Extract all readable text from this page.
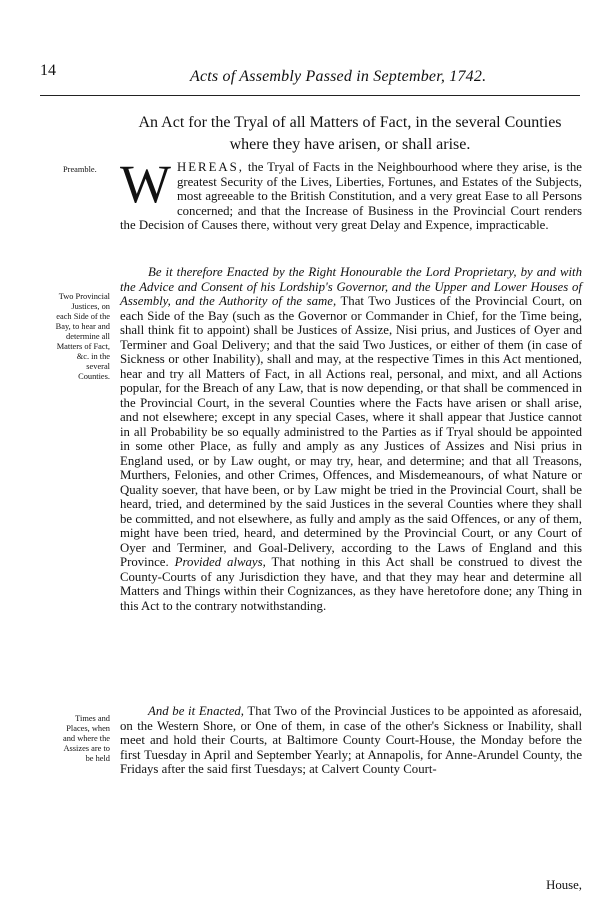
14	Acts of Assembly Passed in September, 1742.
An Act for the Tryal of all Matters of Fact, in the several Counties where they have arisen, or shall arise.
Preamble.
Two Provincial Justices, on each Side of the Bay, to hear and determine all Matters of Fact, &c. in the several Counties.
Times and Places, when and where the Assizes are to be held
WHEREAS, the Tryal of Facts in the Neighbourhood where they arise, is the greatest Security of the Lives, Liberties, Fortunes, and Estates of the Subjects, most agreeable to the British Constitution, and a very great Ease to all Persons concerned; and that the Increase of Business in the Provincial Court renders the Decision of Causes there, without very great Delay and Expence, impracticable.
Be it therefore Enacted by the Right Honourable the Lord Proprietary, by and with the Advice and Consent of his Lordship's Governor, and the Upper and Lower Houses of Assembly, and the Authority of the same, That Two Justices of the Provincial Court, on each Side of the Bay (such as the Governor or Commander in Chief, for the Time being, shall think fit to appoint) shall be Justices of Assize, Nisi prius, and Justices of Oyer and Terminer and Goal Delivery; and that the said Two Justices, or either of them (in case of Sickness or other Inability), shall and may, at the respective Times in this Act mentioned, hear and try all Matters of Fact, in all Actions real, personal, and mixt, and all Actions popular, for the Breach of any Law, that is now depending, or that shall be commenced in the Provincial Court, in the several Counties where the Facts have arisen or shall arise, and not elsewhere; except in any special Cases, where it shall appear that Justice cannot in all Probability be so equally administred to the Parties as if Tryal should be appointed in some other Place, as fully and amply as any Justices of Assizes and Nisi prius in England used, or by Law ought, or may try, hear, and determine; and that all Treasons, Murthers, Felonies, and other Crimes, Offences, and Misdemeanours, of what Nature or Quality soever, that have been, or by Law might be tried in the Provincial Court, shall be heard, tried, and determined by the said Justices in the several Counties where they shall be committed, and not elsewhere, as fully and amply as the said Offences, or any of them, might have been tried, heard, and determined by the Provincial Court, or any Court of Oyer and Terminer, and Goal-Delivery, according to the Laws of England and this Province. Provided always, That nothing in this Act shall be construed to divest the County-Courts of any Jurisdiction they have, and that they may hear and determine all Matters and Things within their Cognizances, as they have heretofore done; any Thing in this Act to the contrary notwithstanding.
And be it Enacted, That Two of the Provincial Justices to be appointed as aforesaid, on the Western Shore, or One of them, in case of the other's Sickness or Inability, shall meet and hold their Courts, at Baltimore County Court-House, the Monday before the first Tuesday in April and September Yearly; at Annapolis, for Anne-Arundel County, the Fridays after the said first Tuesdays; at Calvert County Court-
House,
